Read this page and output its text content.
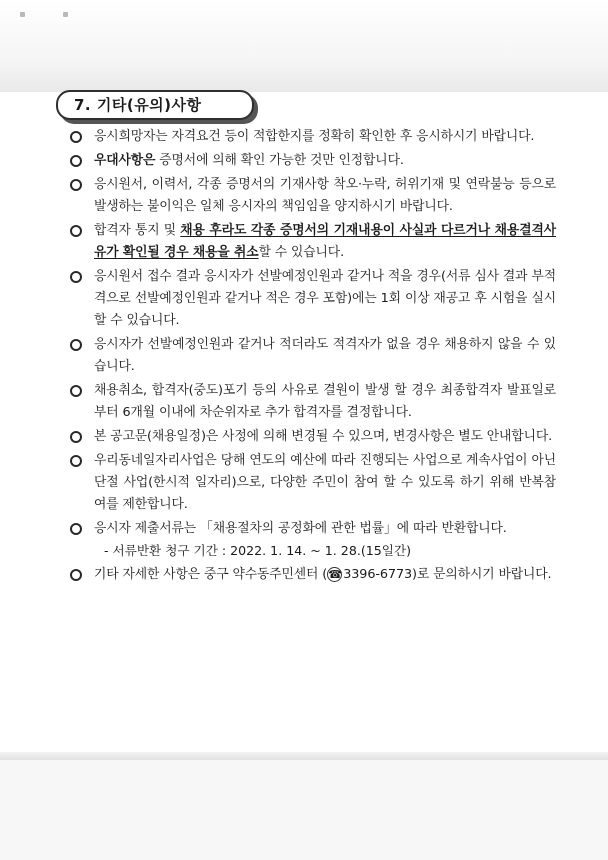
7. 기타(유의)사항
응시희망자는 자격요건 등이 적합한지를 정확히 확인한 후 응시하시기 바랍니다.
우대사항은 증명서에 의해 확인 가능한 것만 인정합니다.
응시원서, 이력서, 각종 증명서의 기재사항 착오·누락, 허위기재 및 연락불능 등으로 발생하는 불이익은 일체 응시자의 책임임을 양지하시기 바랍니다.
합격자 통지 및 채용 후라도 각종 증명서의 기재내용이 사실과 다르거나 채용결격사유가 확인될 경우 채용을 취소할 수 있습니다.
응시원서 접수 결과 응시자가 선발예정인원과 같거나 적을 경우(서류 심사 결과 부적격으로 선발예정인원과 같거나 적은 경우 포함)에는 1회 이상 재공고 후 시험을 실시 할 수 있습니다.
응시자가 선발예정인원과 같거나 적더라도 적격자가 없을 경우 채용하지 않을 수 있습니다.
채용취소, 합격자(중도)포기 등의 사유로 결원이 발생 할 경우 최종합격자 발표일로부터 6개월 이내에 차순위자로 추가 합격자를 결정합니다.
본 공고문(채용일정)은 사정에 의해 변경될 수 있으며, 변경사항은 별도 안내합니다.
우리동네일자리사업은 당해 연도의 예산에 따라 진행되는 사업으로 계속사업이 아닌 단절 사업(한시적 일자리)으로, 다양한 주민이 참여 할 수 있도록 하기 위해 반복참여를 제한합니다.
응시자 제출서류는 「채용절차의 공정화에 관한 법률」에 따라 반환합니다.
- 서류반환 청구 기간 : 2022. 1. 14. ~ 1. 28.(15일간)
기타 자세한 사항은 중구 약수동주민센터 (☎3396-6773)로 문의하시기 바랍니다.
